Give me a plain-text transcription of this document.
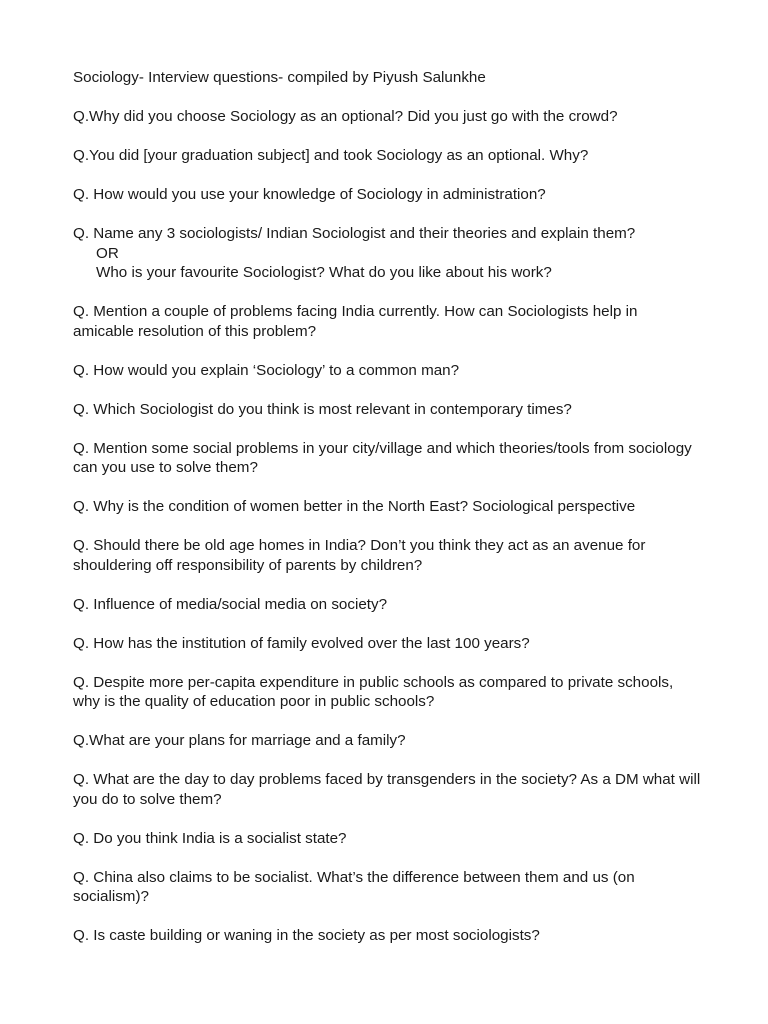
Sociology- Interview questions- compiled by Piyush Salunkhe

Q.Why did you choose Sociology as an optional? Did you just go with the crowd?

Q.You did [your graduation subject] and took Sociology as an optional. Why?

Q. How would you use your knowledge of Sociology in administration?

Q. Name any 3 sociologists/ Indian Sociologist and their theories and explain them?

OR

Who is your favourite Sociologist? What do you like about his work?

Q. Mention a couple of problems facing India currently. How can Sociologists help in amicable resolution of this problem?

Q. How would you explain ‘Sociology’ to a common man?

Q. Which Sociologist do you think is most relevant in contemporary times?

Q. Mention some social problems in your city/village and which theories/tools from sociology can you use to solve them?

Q. Why is the condition of women better in the North East? Sociological perspective

Q. Should there be old age homes in India? Don’t you think they act as an avenue for shouldering off responsibility of parents by children?

Q. Influence of media/social media on society?

Q. How has the institution of family evolved over the last 100 years?

Q. Despite more per-capita expenditure in public schools as compared to private schools, why is the quality of education poor in public schools?

Q.What are your plans for marriage and a family?

Q. What are the day to day problems faced by transgenders in the society? As a DM what will you do to solve them?

Q. Do you think India is a socialist state?

Q. China also claims to be socialist. What’s the difference between them and us (on socialism)?

Q. Is caste building or waning in the society as per most sociologists?
